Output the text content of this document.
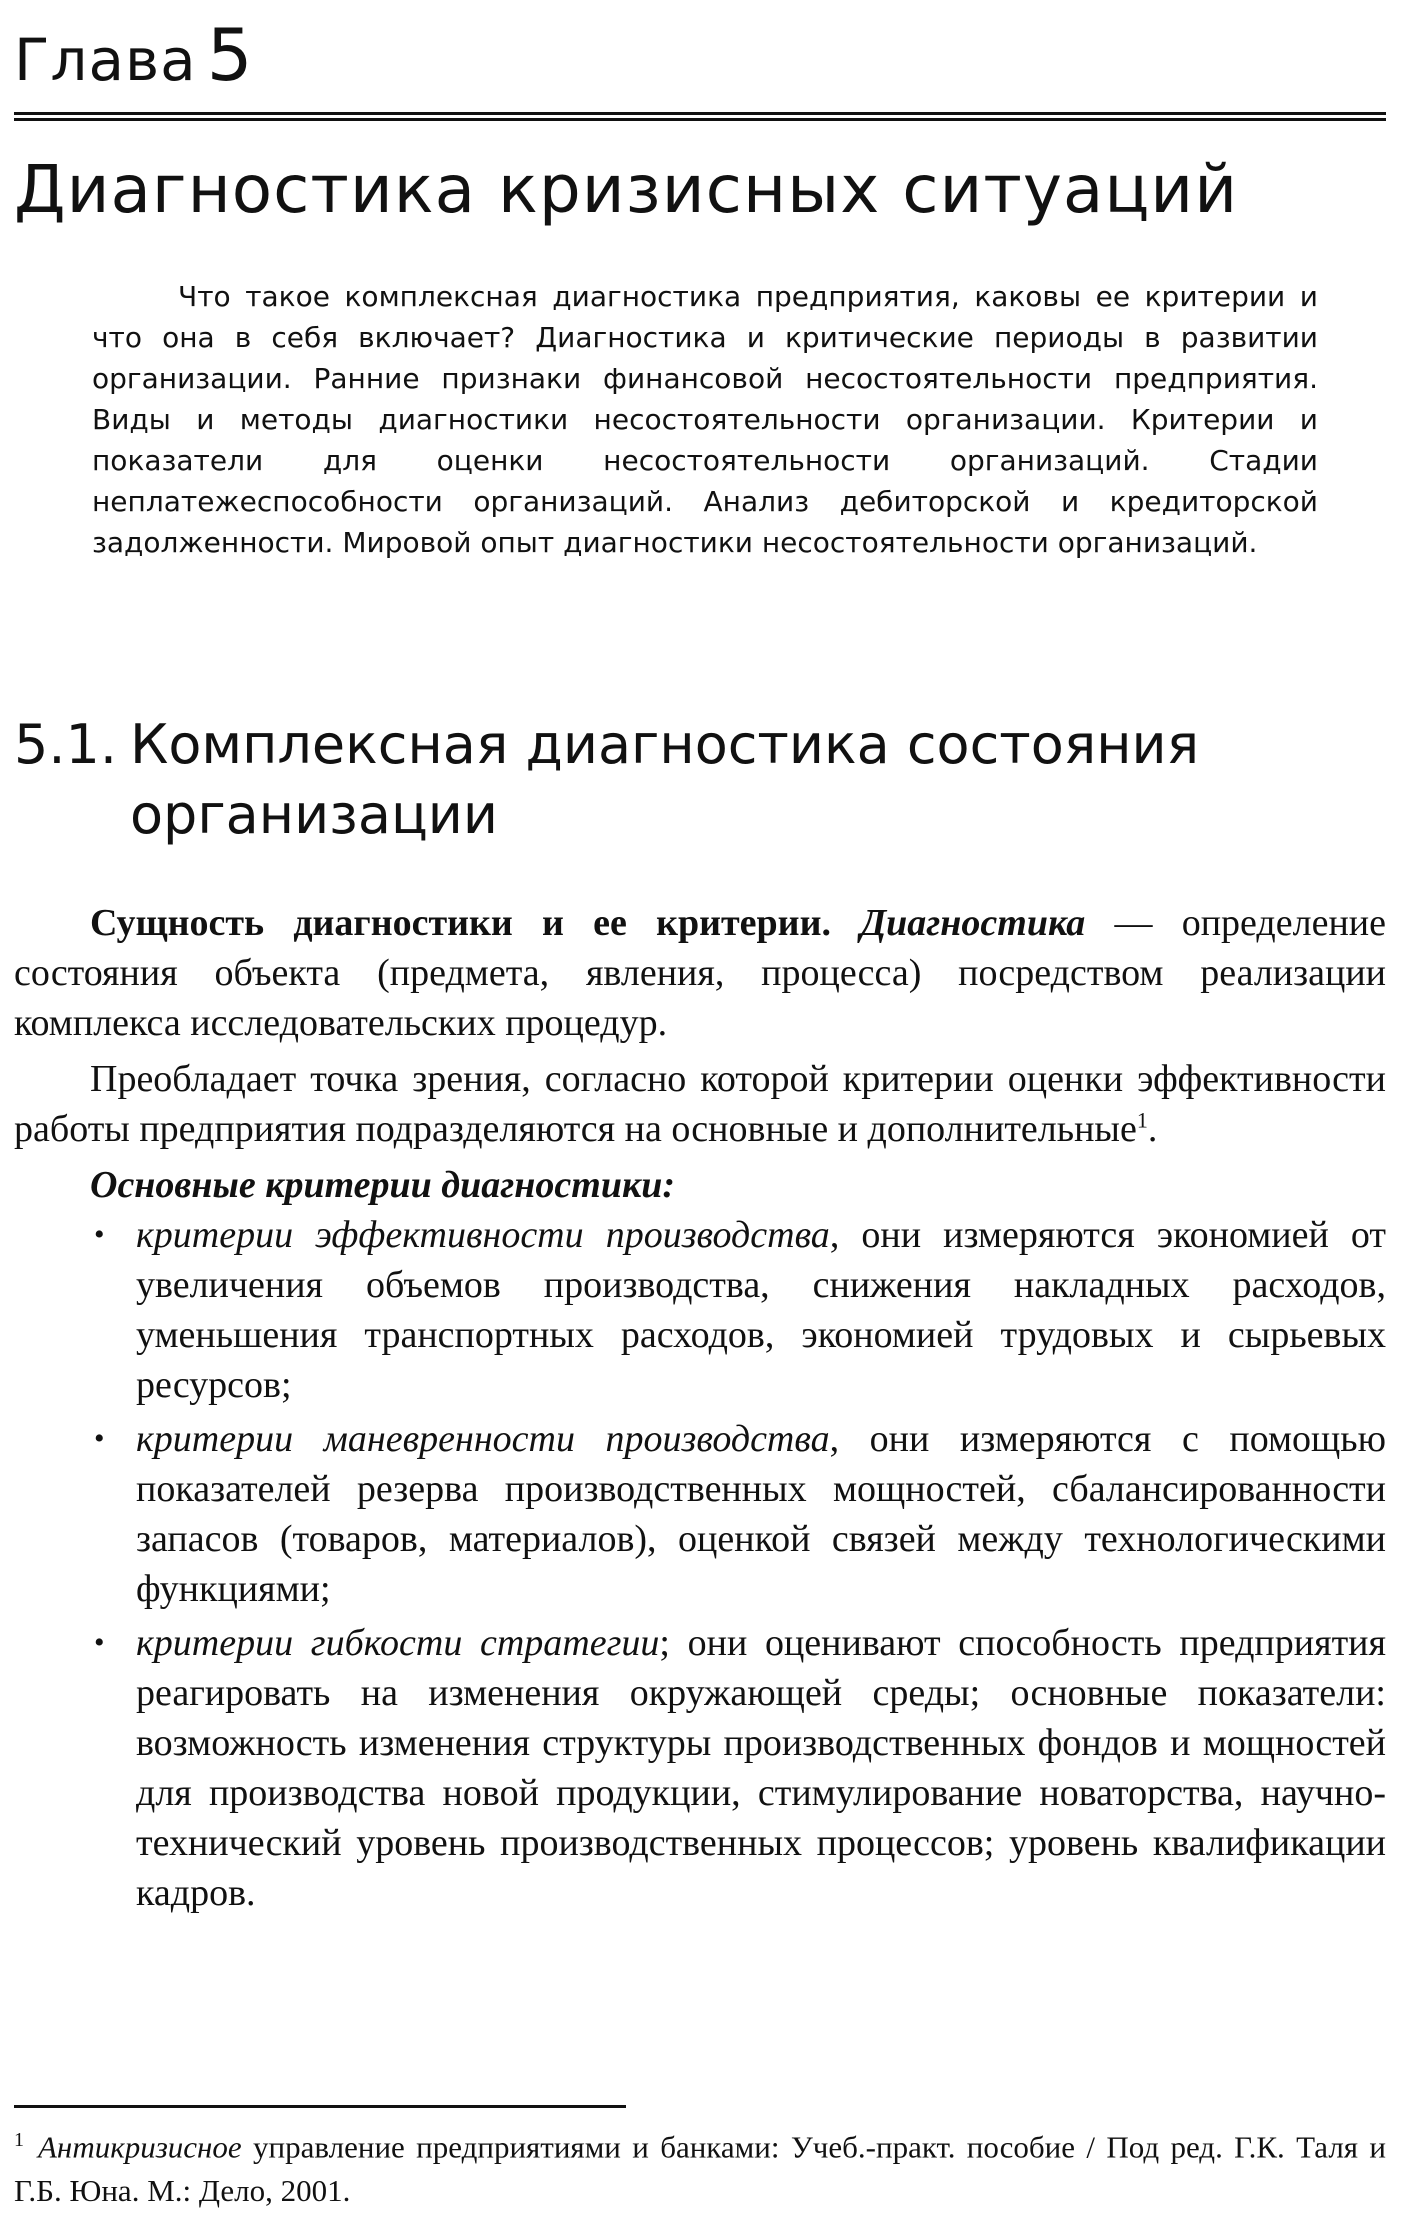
Глава 5
Диагностика кризисных ситуаций

Что такое комплексная диагностика предприятия, каковы ее критерии и что она в себя включает? Диагностика и критические периоды в развитии организации. Ранние признаки финансовой несостоятельности предприятия. Виды и методы диагностики несостоятельности организации. Критерии и показатели для оценки несостоятельности организаций. Стадии неплатежеспособности организаций. Анализ дебиторской и кредиторской задолженности. Мировой опыт диагностики несостоятельности организаций.

5.1. Комплексная диагностика состояния
организации

Сущность диагностики и ее критерии. Диагностика — определение состояния объекта (предмета, явления, процесса) посредством реализации комплекса исследовательских процедур.

Преобладает точка зрения, согласно которой критерии оценки эффективности работы предприятия подразделяются на основные и дополнительные$^1$.

Основные критерии диагностики:

• критерии эффективности производства, они измеряются экономией от увеличения объемов производства, снижения накладных расходов, уменьшения транспортных расходов, экономией трудовых и сырьевых ресурсов;
• критерии маневренности производства, они измеряются с помощью показателей резерва производственных мощностей, сбалансированности запасов (товаров, материалов), оценкой связей между технологическими функциями;
• критерии гибкости стратегии; они оценивают способность предприятия реагировать на изменения окружающей среды; основные показатели: возможность изменения структуры производственных фондов и мощностей для производства новой продукции, стимулирование новаторства, научно-технический уровень производственных процессов; уровень квалификации кадров.

$^1$ Антикризисное управление предприятиями и банками: Учеб.-практ. пособие / Под ред. Г.К. Таля и Г.Б. Юна. М.: Дело, 2001.
